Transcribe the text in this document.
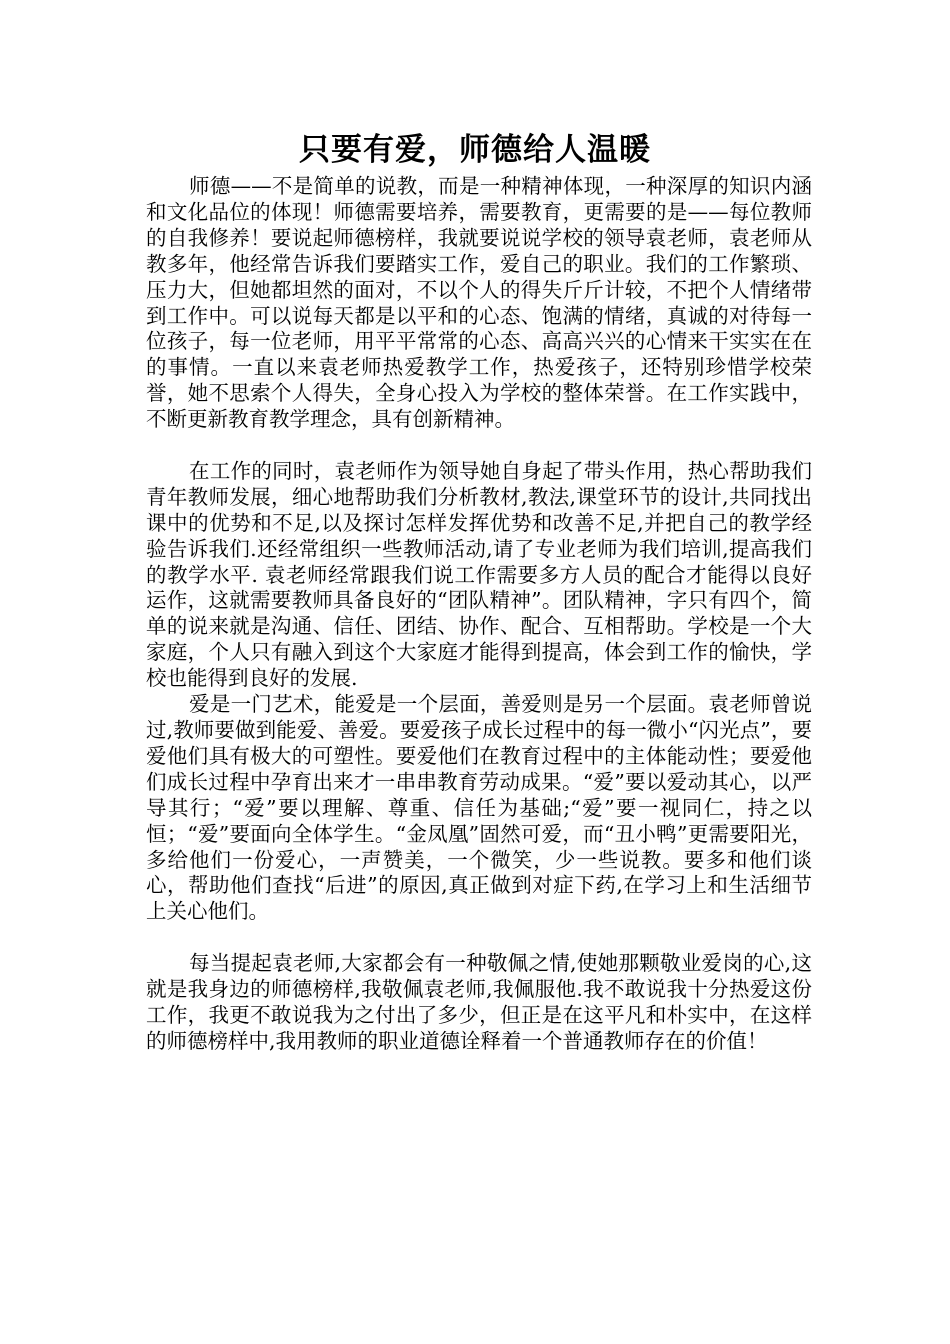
只要有爱，师德给人温暖

师德——不是简单的说教，而是一种精神体现，一种深厚的知识内涵和文化品位的体现！师德需要培养，需要教育，更需要的是——每位教师的自我修养！要说起师德榜样，我就要说说学校的领导袁老师，袁老师从教多年，他经常告诉我们要踏实工作，爱自己的职业。我们的工作繁琐、压力大，但她都坦然的面对，不以个人的得失斤斤计较，不把个人情绪带到工作中。可以说每天都是以平和的心态、饱满的情绪，真诚的对待每一位孩子，每一位老师，用平平常常的心态、高高兴兴的心情来干实实在在的事情。一直以来袁老师热爱教学工作，热爱孩子，还特别珍惜学校荣誉，她不思索个人得失，全身心投入为学校的整体荣誉。在工作实践中，不断更新教育教学理念，具有创新精神。

在工作的同时，袁老师作为领导她自身起了带头作用，热心帮助我们青年教师发展，细心地帮助我们分析教材,教法,课堂环节的设计,共同找出课中的优势和不足,以及探讨怎样发挥优势和改善不足,并把自己的教学经验告诉我们.还经常组织一些教师活动,请了专业老师为我们培训,提高我们的教学水平. 袁老师经常跟我们说工作需要多方人员的配合才能得以良好运作，这就需要教师具备良好的“团队精神”。团队精神，字只有四个，简单的说来就是沟通、信任、团结、协作、配合、互相帮助。学校是一个大家庭，个人只有融入到这个大家庭才能得到提高，体会到工作的愉快，学校也能得到良好的发展.

爱是一门艺术，能爱是一个层面，善爱则是另一个层面。袁老师曾说过,教师要做到能爱、善爱。要爱孩子成长过程中的每一微小“闪光点”，要爱他们具有极大的可塑性。要爱他们在教育过程中的主体能动性；要爱他们成长过程中孕育出来才一串串教育劳动成果。“爱”要以爱动其心，以严导其行；“爱”要以理解、尊重、信任为基础;“爱”要一视同仁，持之以恒；“爱”要面向全体学生。“金凤凰”固然可爱，而“丑小鸭”更需要阳光，多给他们一份爱心，一声赞美，一个微笑，少一些说教。要多和他们谈心，帮助他们查找“后进”的原因,真正做到对症下药,在学习上和生活细节上关心他们。

每当提起袁老师,大家都会有一种敬佩之情,使她那颗敬业爱岗的心,这就是我身边的师德榜样,我敬佩袁老师,我佩服他.我不敢说我十分热爱这份工作，我更不敢说我为之付出了多少，但正是在这平凡和朴实中，在这样的师德榜样中,我用教师的职业道德诠释着一个普通教师存在的价值！
